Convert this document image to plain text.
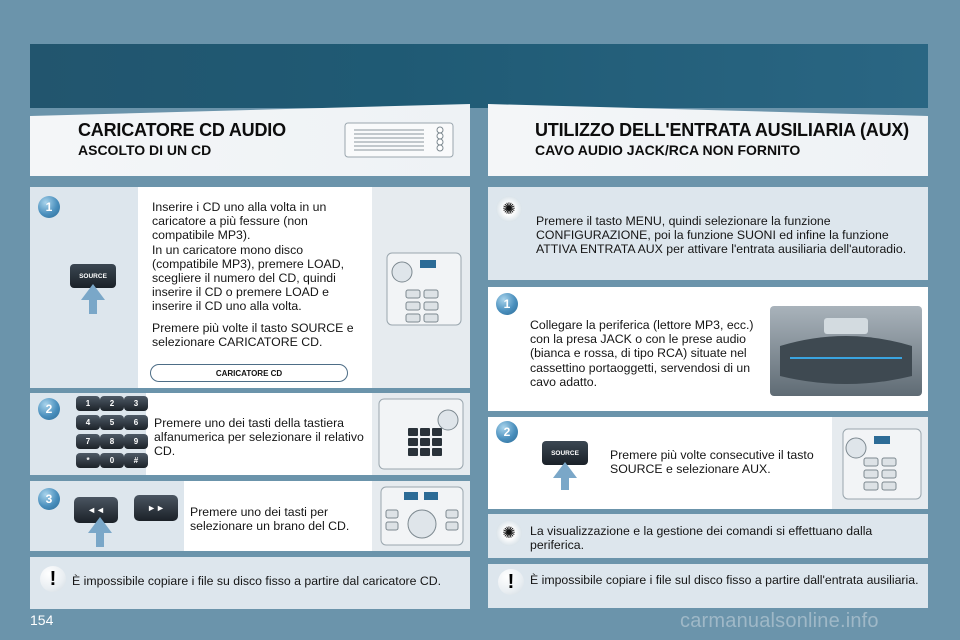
CARICATORE CD AUDIO
ASCOLTO DI UN CD
UTILIZZO DELL'ENTRATA AUSILIARIA (AUX)
CAVO AUDIO JACK/RCA NON FORNITO
1
SOURCE
Inserire i CD uno alla volta in un caricatore a più fessure (non compatibile MP3).
In un caricatore mono disco (compatibile MP3), premere LOAD, scegliere il numero del CD, quindi inserire il CD o premere LOAD e inserire il CD uno alla volta.
Premere più volte il tasto SOURCE e selezionare CARICATORE CD.
CARICATORE CD
2	1	2	3
4	5	6
7	8	9
*	0	#
Premere uno dei tasti della tastiera alfanumerica per selezionare il relativo CD.
3
◄◄	►►	Premere uno dei tasti per selezionare un brano del CD.
!	È impossibile copiare i file su disco fisso a partire dal caricatore CD.
✺
Premere il tasto MENU, quindi selezionare la funzione CONFIGURAZIONE, poi la funzione SUONI ed infine la funzione ATTIVA ENTRATA AUX per attivare l'entrata ausiliaria dell'autoradio.
1
Collegare la periferica (lettore MP3, ecc.) con la presa JACK o con le prese audio (bianca e rossa, di tipo RCA) situate nel cassettino portaoggetti, servendosi di un cavo adatto.
2
SOURCE	Premere più volte consecutive il tasto SOURCE e selezionare AUX.
✺	La visualizzazione e la gestione dei comandi si effettuano dalla periferica.
!	È impossibile copiare i file sul disco fisso a partire dall'entrata ausiliaria.
154	carmanualsonline.info
